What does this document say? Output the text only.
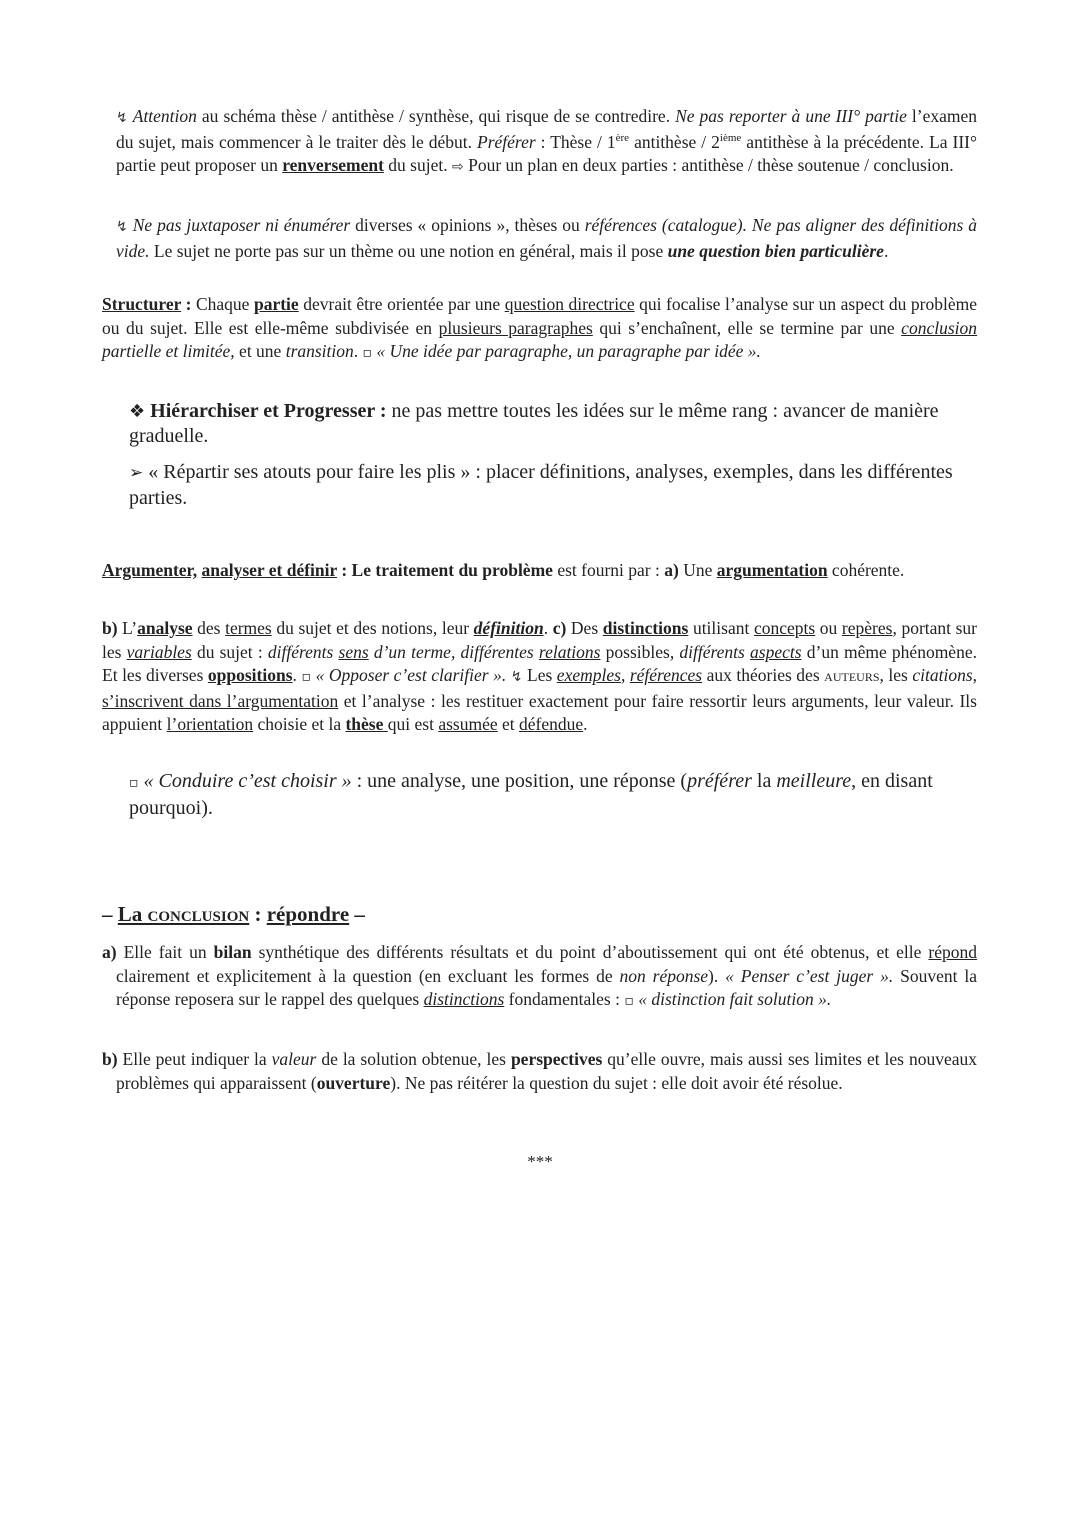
↯ Attention au schéma thèse / antithèse / synthèse, qui risque de se contredire. Ne pas reporter à une III° partie l’examen du sujet, mais commencer à le traiter dès le début. Préférer : Thèse / 1ère antithèse / 2ième antithèse à la précédente. La III° partie peut proposer un renversement du sujet. ⇨ Pour un plan en deux parties : antithèse / thèse soutenue / conclusion.
↯ Ne pas juxtaposer ni énumérer diverses « opinions », thèses ou références (catalogue). Ne pas aligner des définitions à vide. Le sujet ne porte pas sur un thème ou une notion en général, mais il pose une question bien particulière.
Structurer : Chaque partie devrait être orientée par une question directrice qui focalise l’analyse sur un aspect du problème ou du sujet. Elle est elle-même subdivisée en plusieurs paragraphes qui s’enchaînent, elle se termine par une conclusion partielle et limitée, et une transition. ▫ « Une idée par paragraphe, un paragraphe par idée ».
❖ Hiérarchiser et Progresser : ne pas mettre toutes les idées sur le même rang : avancer de manière graduelle.
➢ « Répartir ses atouts pour faire les plis » : placer définitions, analyses, exemples, dans les différentes parties.
Argumenter, analyser et définir : Le traitement du problème est fourni par : a) Une argumentation cohérente.
b) L’analyse des termes du sujet et des notions, leur définition. c) Des distinctions utilisant concepts ou repères, portant sur les variables du sujet : différents sens d’un terme, différentes relations possibles, différents aspects d’un même phénomène. Et les diverses oppositions. ▫ « Opposer c’est clarifier ». ↯ Les exemples, références aux théories des auteurs, les citations, s’inscrivent dans l’argumentation et l’analyse : les restituer exactement pour faire ressortir leurs arguments, leur valeur. Ils appuient l’orientation choisie et la thèse qui est assumée et défendue.
▫ « Conduire c’est choisir » : une analyse, une position, une réponse (préférer la meilleure, en disant pourquoi).
– La conclusion : répondre –
a) Elle fait un bilan synthétique des différents résultats et du point d’aboutissement qui ont été obtenus, et elle répond clairement et explicitement à la question (en excluant les formes de non réponse). « Penser c’est juger ». Souvent la réponse reposera sur le rappel des quelques distinctions fondamentales : ▫ « distinction fait solution ».
b) Elle peut indiquer la valeur de la solution obtenue, les perspectives qu’elle ouvre, mais aussi ses limites et les nouveaux problèmes qui apparaissent (ouverture). Ne pas réitérer la question du sujet : elle doit avoir été résolue.
***
